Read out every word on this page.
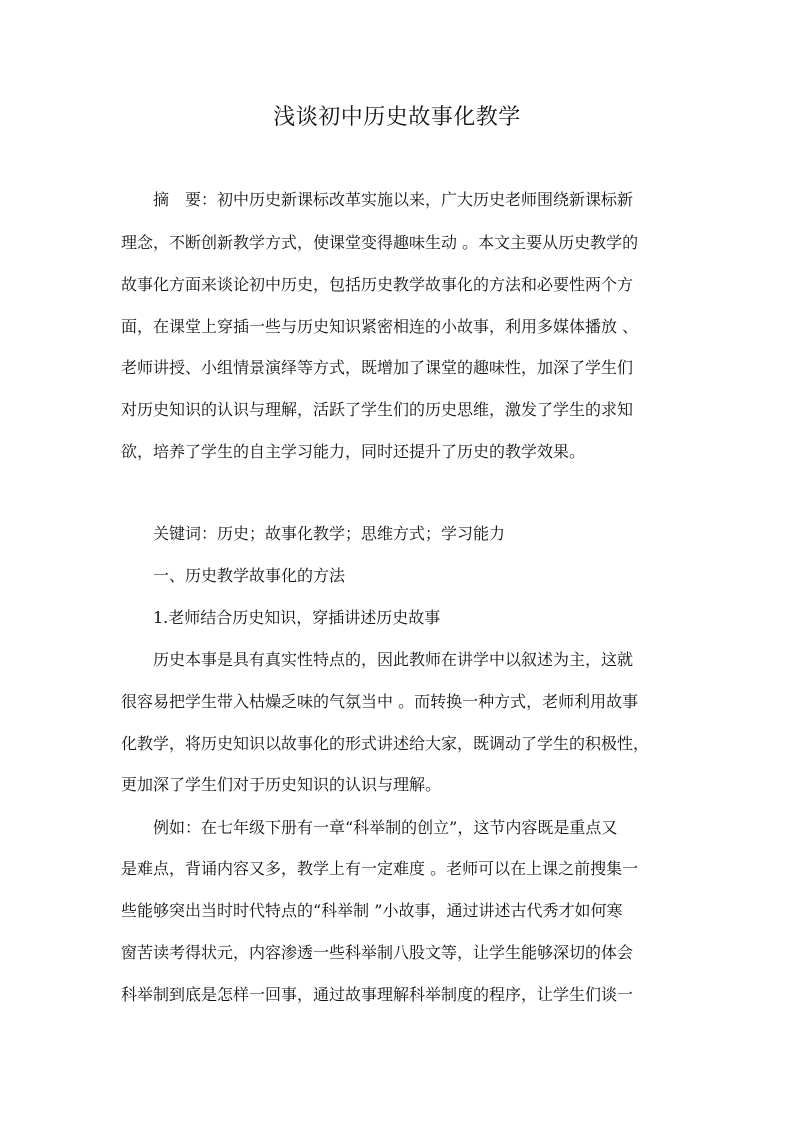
浅谈初中历史故事化教学
摘　要：初中历史新课标改革实施以来，广大历史老师围绕新课标新
理念，不断创新教学方式，使课堂变得趣味生动 。本文主要从历史教学的
故事化方面来谈论初中历史，包括历史教学故事化的方法和必要性两个方
面，在课堂上穿插一些与历史知识紧密相连的小故事，利用多媒体播放 、
老师讲授、小组情景演绎等方式，既增加了课堂的趣味性，加深了学生们
对历史知识的认识与理解，活跃了学生们的历史思维，激发了学生的求知
欲，培养了学生的自主学习能力，同时还提升了历史的教学效果。
关键词：历史；故事化教学；思维方式；学习能力
一、历史教学故事化的方法
1.老师结合历史知识，穿插讲述历史故事
历史本事是具有真实性特点的，因此教师在讲学中以叙述为主，这就
很容易把学生带入枯燥乏味的气氛当中 。而转换一种方式，老师利用故事
化教学，将历史知识以故事化的形式讲述给大家，既调动了学生的积极性，
更加深了学生们对于历史知识的认识与理解。
例如：在七年级下册有一章“科举制的创立”，这节内容既是重点又
是难点，背诵内容又多，教学上有一定难度 。老师可以在上课之前搜集一
些能够突出当时时代特点的“科举制 ”小故事，通过讲述古代秀才如何寒
窗苦读考得状元，内容渗透一些科举制八股文等，让学生能够深切的体会
科举制到底是怎样一回事，通过故事理解科举制度的程序，让学生们谈一
